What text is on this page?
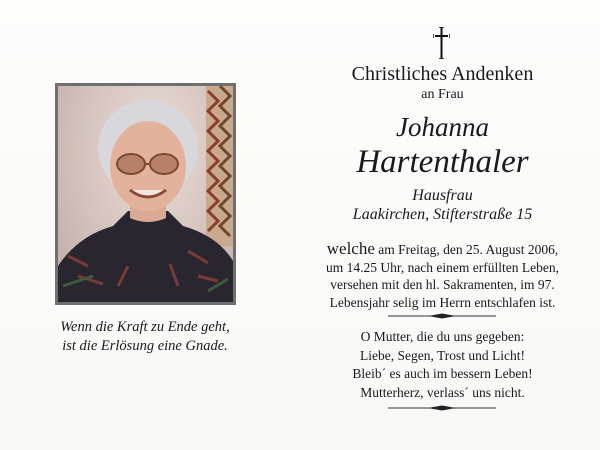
Wenn die Kraft zu Ende geht,
ist die Erlösung eine Gnade.
Christliches Andenken
an Frau
Johanna
Hartenthaler
Hausfrau
Laakirchen, Stifterstraße 15
welche am Freitag, den 25. August 2006,
um 14.25 Uhr, nach einem erfüllten Leben,
versehen mit den hl. Sakramenten, im 97.
Lebensjahr selig im Herrn entschlafen ist.
O Mutter, die du uns gegeben:
Liebe, Segen, Trost und Licht!
Bleib´ es auch im bessern Leben!
Mutterherz, verlass´ uns nicht.
